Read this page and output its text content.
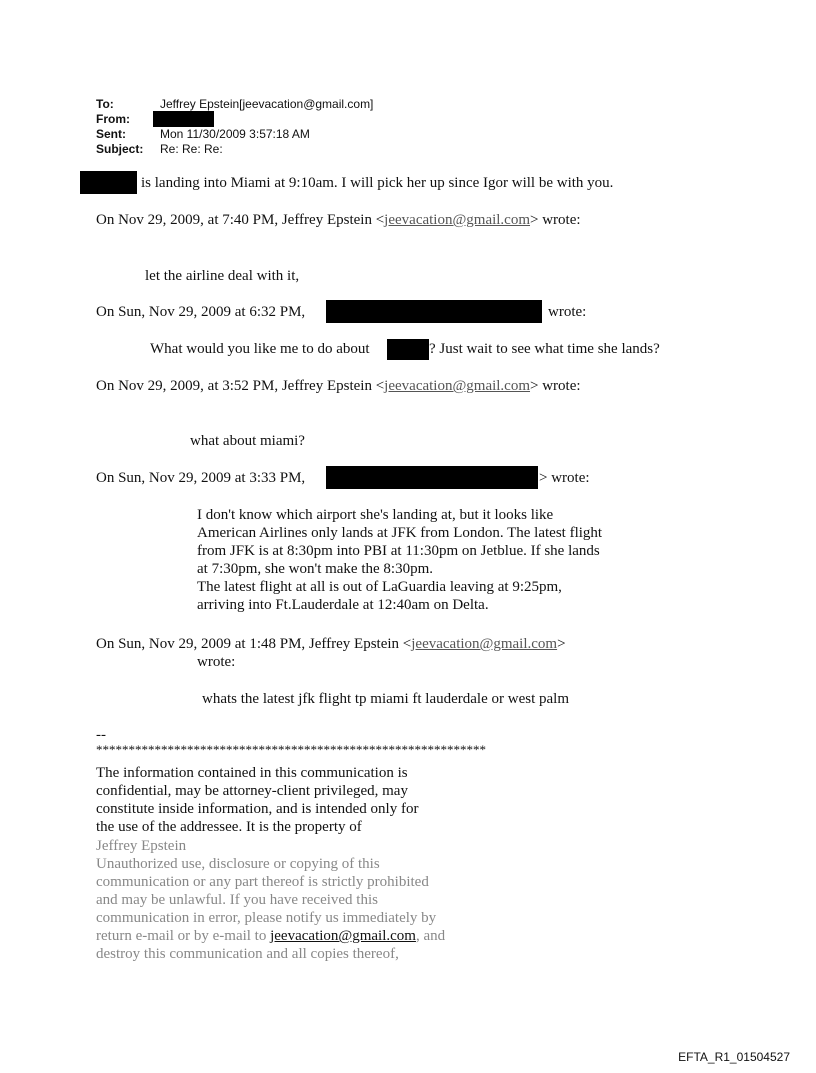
To:	Jeffrey Epstein[jeevacation@gmail.com]
From:
Sent:	Mon 11/30/2009 3:57:18 AM
Subject: Re: Re: Re:
is landing into Miami at 9:10am. I will pick her up since Igor will be with you.
On Nov 29, 2009, at 7:40 PM, Jeffrey Epstein <jeevacation@gmail.com> wrote:
let the airline deal with it,
On Sun, Nov 29, 2009 at 6:32 PM,	wrote:
What would you like me to do about	? Just wait to see what time she lands?
On Nov 29, 2009, at 3:52 PM, Jeffrey Epstein <jeevacation@gmail.com> wrote:
what about miami?
On Sun, Nov 29, 2009 at 3:33 PM,	> wrote:
I don't know which airport she's landing at, but it looks like
American Airlines only lands at JFK from London. The latest flight
from JFK is at 8:30pm into PBI at 11:30pm on Jetblue. If she lands
at 7:30pm, she won't make the 8:30pm.
The latest flight at all is out of LaGuardia leaving at 9:25pm,
arriving into Ft.Lauderdale at 12:40am on Delta.
On Sun, Nov 29, 2009 at 1:48 PM, Jeffrey Epstein <jeevacation@gmail.com>
wrote:
whats the latest jfk flight tp miami ft lauderdale or west palm
--
************************************************************
The information contained in this communication is
confidential, may be attorney-client privileged, may
constitute inside information, and is intended only for
the use of the addressee. It is the property of
Jeffrey Epstein
Unauthorized use, disclosure or copying of this
communication or any part thereof is strictly prohibited
and may be unlawful. If you have received this
communication in error, please notify us immediately by
return e-mail or by e-mail to jeevacation@gmail.com, and
destroy this communication and all copies thereof,
EFTA_R1_01504527
